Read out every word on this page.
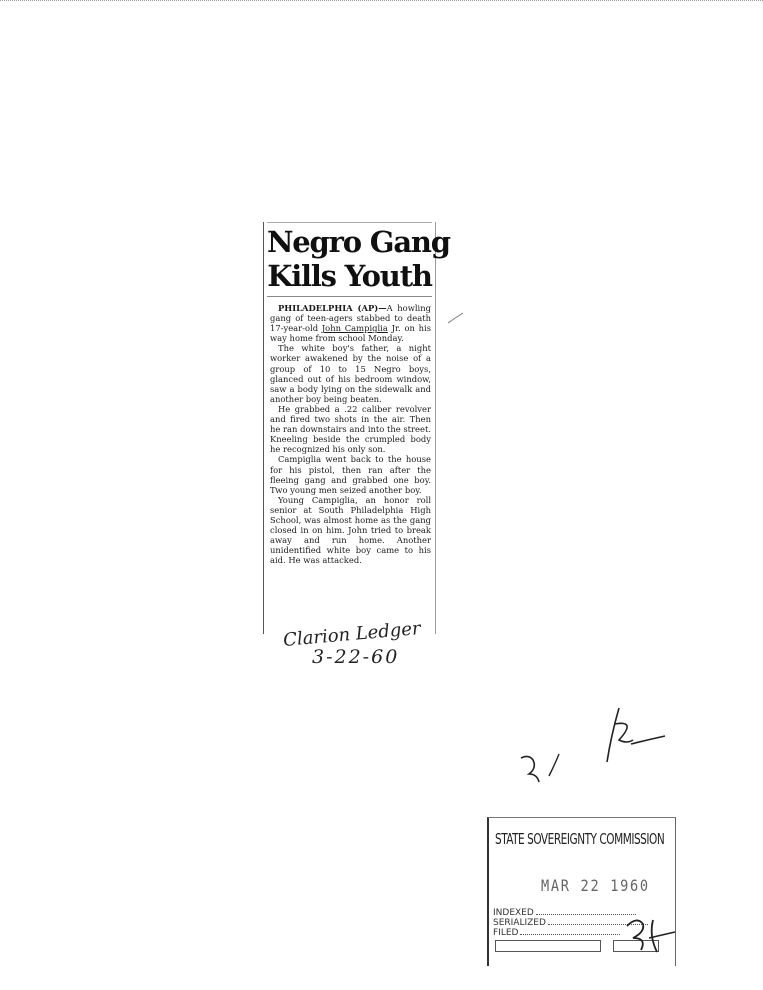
Negro Gang
Kills Youth

PHILADELPHIA (AP)—A howling gang of teen-agers stabbed to death 17-year-old John Campiglia Jr. on his way home from school Monday.

The white boy's father, a night worker awakened by the noise of a group of 10 to 15 Negro boys, glanced out of his bedroom window, saw a body lying on the sidewalk and another boy being beaten.

He grabbed a .22 caliber revolver and fired two shots in the air. Then he ran downstairs and into the street. Kneeling beside the crumpled body he recognized his only son.

Campiglia went back to the house for his pistol, then ran after the fleeing gang and grabbed one boy. Two young men seized another boy.

Young Campiglia, an honor roll senior at South Philadelphia High School, was almost home as the gang closed in on him. John tried to break away and run home. Another unidentified white boy came to his aid. He was attacked.

Clarion Ledger
3-22-60
STATE SOVEREIGNTY COMMISSION
MAR 22 1960
INDEXED
SERIALIZED
FILED
